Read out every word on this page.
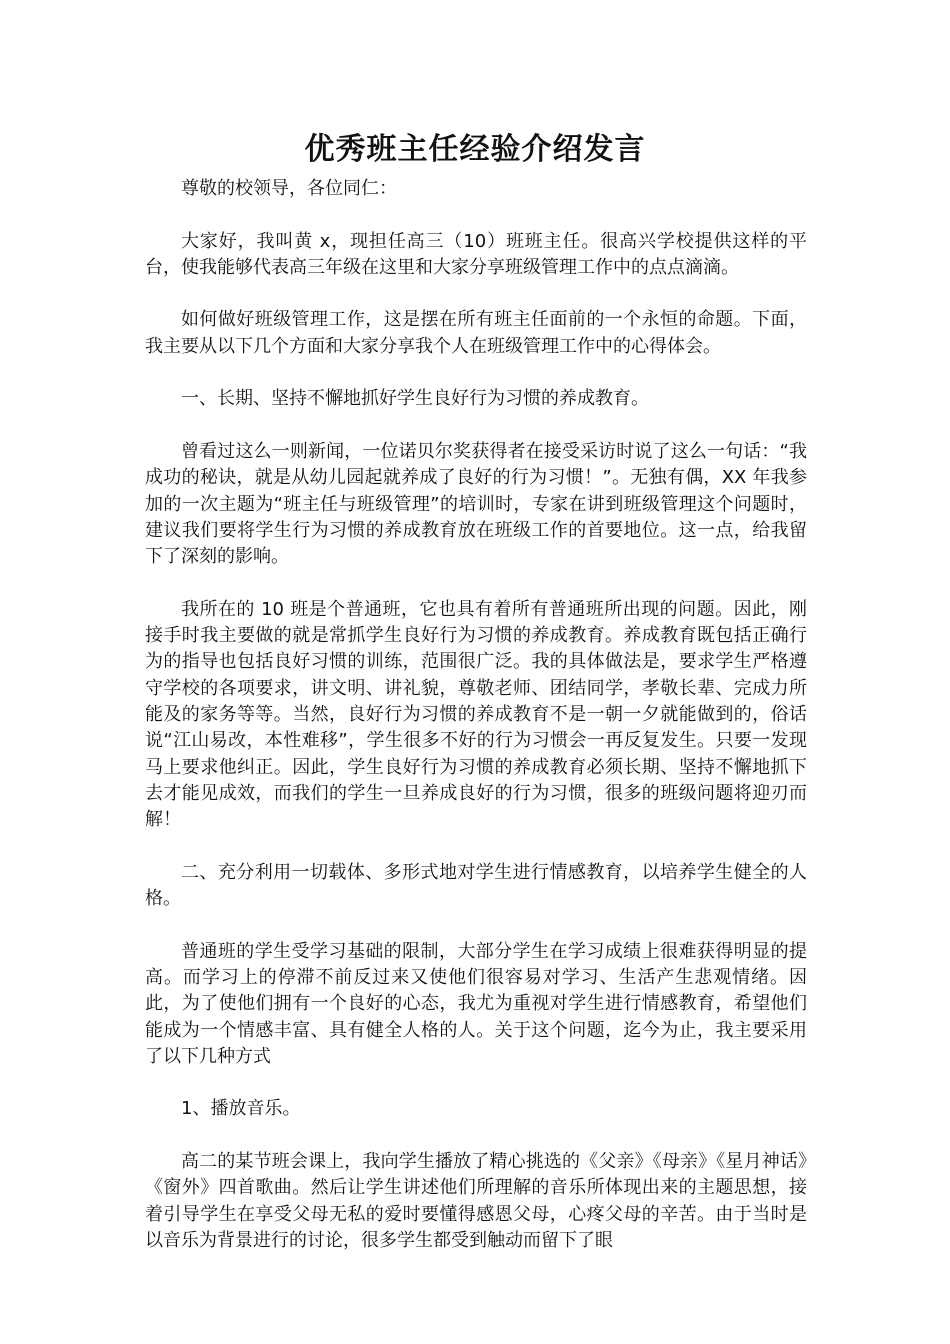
优秀班主任经验介绍发言

尊敬的校领导，各位同仁：

大家好，我叫黄 x，现担任高三（10）班班主任。很高兴学校提供这样的平台，使我能够代表高三年级在这里和大家分享班级管理工作中的点点滴滴。

如何做好班级管理工作，这是摆在所有班主任面前的一个永恒的命题。下面，我主要从以下几个方面和大家分享我个人在班级管理工作中的心得体会。

一、长期、坚持不懈地抓好学生良好行为习惯的养成教育。

曾看过这么一则新闻，一位诺贝尔奖获得者在接受采访时说了这么一句话：“我成功的秘诀，就是从幼儿园起就养成了良好的行为习惯！”。无独有偶，XX 年我参加的一次主题为“班主任与班级管理”的培训时，专家在讲到班级管理这个问题时，建议我们要将学生行为习惯的养成教育放在班级工作的首要地位。这一点，给我留下了深刻的影响。

我所在的 10 班是个普通班，它也具有着所有普通班所出现的问题。因此，刚接手时我主要做的就是常抓学生良好行为习惯的养成教育。养成教育既包括正确行为的指导也包括良好习惯的训练，范围很广泛。我的具体做法是，要求学生严格遵守学校的各项要求，讲文明、讲礼貌，尊敬老师、团结同学，孝敬长辈、完成力所能及的家务等等。当然，良好行为习惯的养成教育不是一朝一夕就能做到的，俗话说“江山易改，本性难移”，学生很多不好的行为习惯会一再反复发生。只要一发现马上要求他纠正。因此，学生良好行为习惯的养成教育必须长期、坚持不懈地抓下去才能见成效，而我们的学生一旦养成良好的行为习惯，很多的班级问题将迎刃而解！

二、充分利用一切载体、多形式地对学生进行情感教育，以培养学生健全的人格。

普通班的学生受学习基础的限制，大部分学生在学习成绩上很难获得明显的提高。而学习上的停滞不前反过来又使他们很容易对学习、生活产生悲观情绪。因此，为了使他们拥有一个良好的心态，我尤为重视对学生进行情感教育，希望他们能成为一个情感丰富、具有健全人格的人。关于这个问题，迄今为止，我主要采用了以下几种方式

1、播放音乐。

高二的某节班会课上，我向学生播放了精心挑选的《父亲》《母亲》《星月神话》《窗外》四首歌曲。然后让学生讲述他们所理解的音乐所体现出来的主题思想，接着引导学生在享受父母无私的爱时要懂得感恩父母，心疼父母的辛苦。由于当时是以音乐为背景进行的讨论，很多学生都受到触动而留下了眼
